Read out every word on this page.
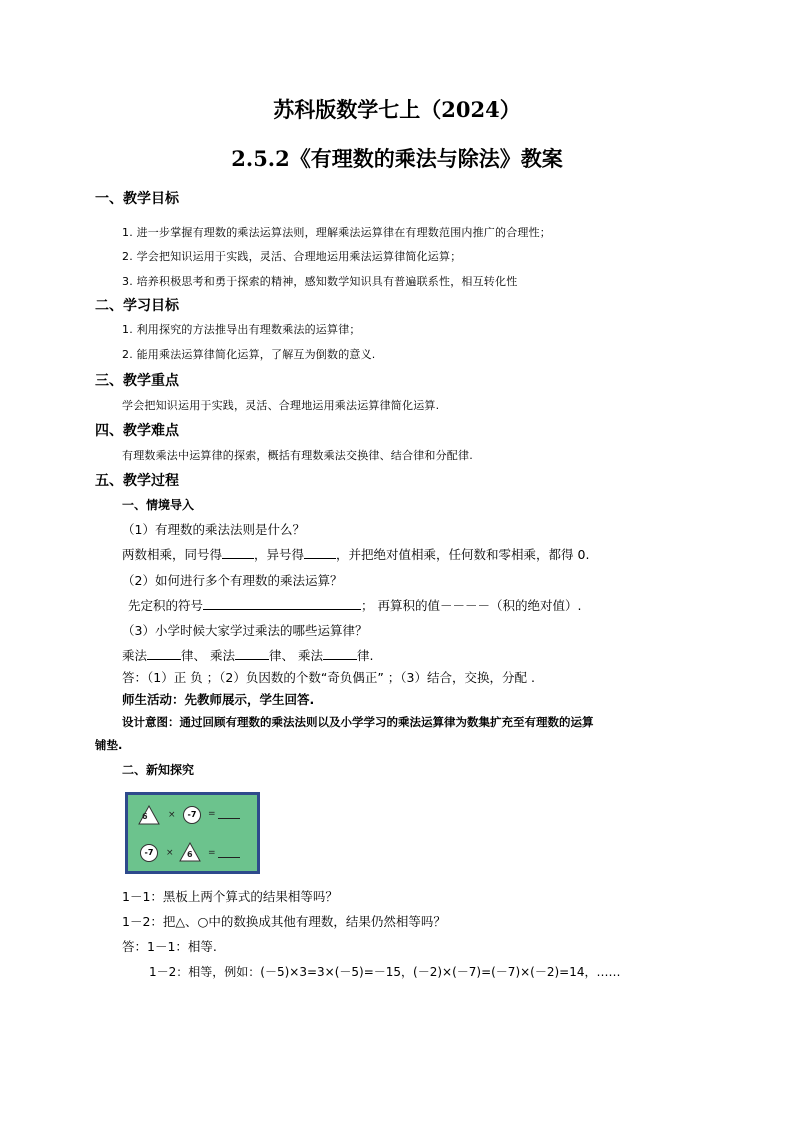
苏科版数学七上（2024）
2.5.2《有理数的乘法与除法》教案
一、教学目标
1. 进一步掌握有理数的乘法运算法则，理解乘法运算律在有理数范围内推广的合理性；
2. 学会把知识运用于实践，灵活、合理地运用乘法运算律简化运算；
3. 培养积极思考和勇于探索的精神，感知数学知识具有普遍联系性，相互转化性
二、学习目标
1. 利用探究的方法推导出有理数乘法的运算律；
2. 能用乘法运算律简化运算，了解互为倒数的意义.
三、教学重点
学会把知识运用于实践，灵活、合理地运用乘法运算律简化运算.
四、教学难点
有理数乘法中运算律的探索，概括有理数乘法交换律、结合律和分配律.
五、教学过程
一、情境导入
（1）有理数的乘法法则是什么？
两数相乘，同号得	，异号得	，并把绝对值相乘，任何数和零相乘，都得 0.
（2）如何进行多个有理数的乘法运算？
先定积的符号	； 再算积的值－－－－（积的绝对值）.
（3）小学时候大家学过乘法的哪些运算律？
乘法	律、 乘法	律、 乘法	律.
答：（1）正 负 ；（2）负因数的个数“奇负偶正” ；（3）结合，交换，分配 .
师生活动：先教师展示，学生回答.
设计意图：通过回顾有理数的乘法法则以及小学学习的乘法运算律为数集扩充至有理数的运算
铺垫.
二、新知探究
6 ×	-7	=
-7	× 6 =
1－1：黑板上两个算式的结果相等吗？
1－2：把△、○中的数换成其他有理数，结果仍然相等吗？
答：1－1：相等.
1－2：相等，例如：(－5)×3=3×(－5)=－15，(－2)×(－7)=(－7)×(－2)=14，……
